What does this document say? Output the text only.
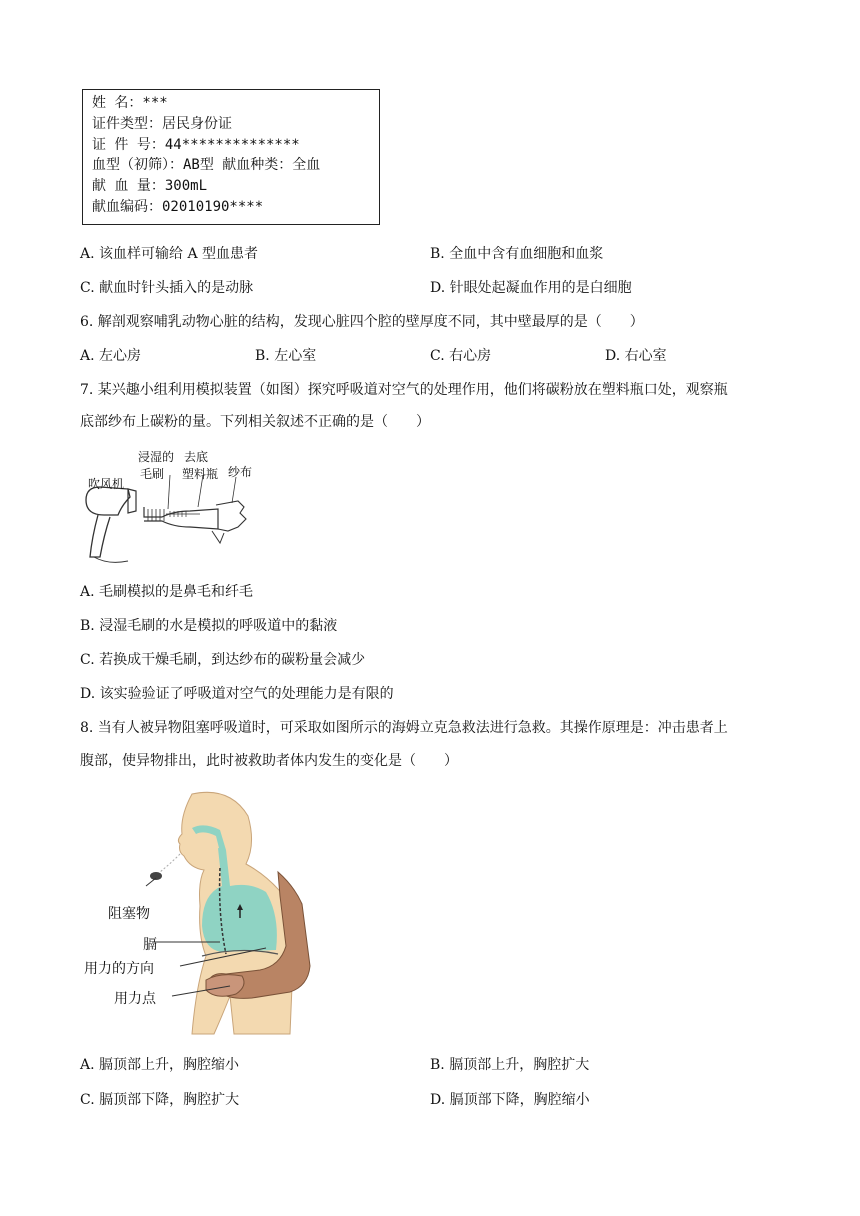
姓 名：***
证件类型：居民身份证
证 件 号：44**************
血型（初筛）：AB型 献血种类：全血
献 血 量：300mL
献血编码：02010190****
A. 该血样可输给 A 型血患者	B. 全血中含有血细胞和血浆
C. 献血时针头插入的是动脉	D. 针眼处起凝血作用的是白细胞
6. 解剖观察哺乳动物心脏的结构，发现心脏四个腔的壁厚度不同，其中壁最厚的是（　　）
A. 左心房	B. 左心室	C. 右心房	D. 右心室
7. 某兴趣小组利用模拟装置（如图）探究呼吸道对空气的处理作用，他们将碳粉放在塑料瓶口处，观察瓶
底部纱布上碳粉的量。下列相关叙述不正确的是（　　）
浸湿的
毛刷
去底
塑料瓶 纱布
吹风机
A. 毛刷模拟的是鼻毛和纤毛
B. 浸湿毛刷的水是模拟的呼吸道中的黏液
C. 若换成干燥毛刷，到达纱布的碳粉量会减少
D. 该实验验证了呼吸道对空气的处理能力是有限的
8. 当有人被异物阻塞呼吸道时，可采取如图所示的海姆立克急救法进行急救。其操作原理是：冲击患者上
腹部，使异物排出，此时被救助者体内发生的变化是（　　）
阻塞物
膈
用力的方向
用力点
A. 膈顶部上升，胸腔缩小	B. 膈顶部上升，胸腔扩大
C. 膈顶部下降，胸腔扩大	D. 膈顶部下降，胸腔缩小
